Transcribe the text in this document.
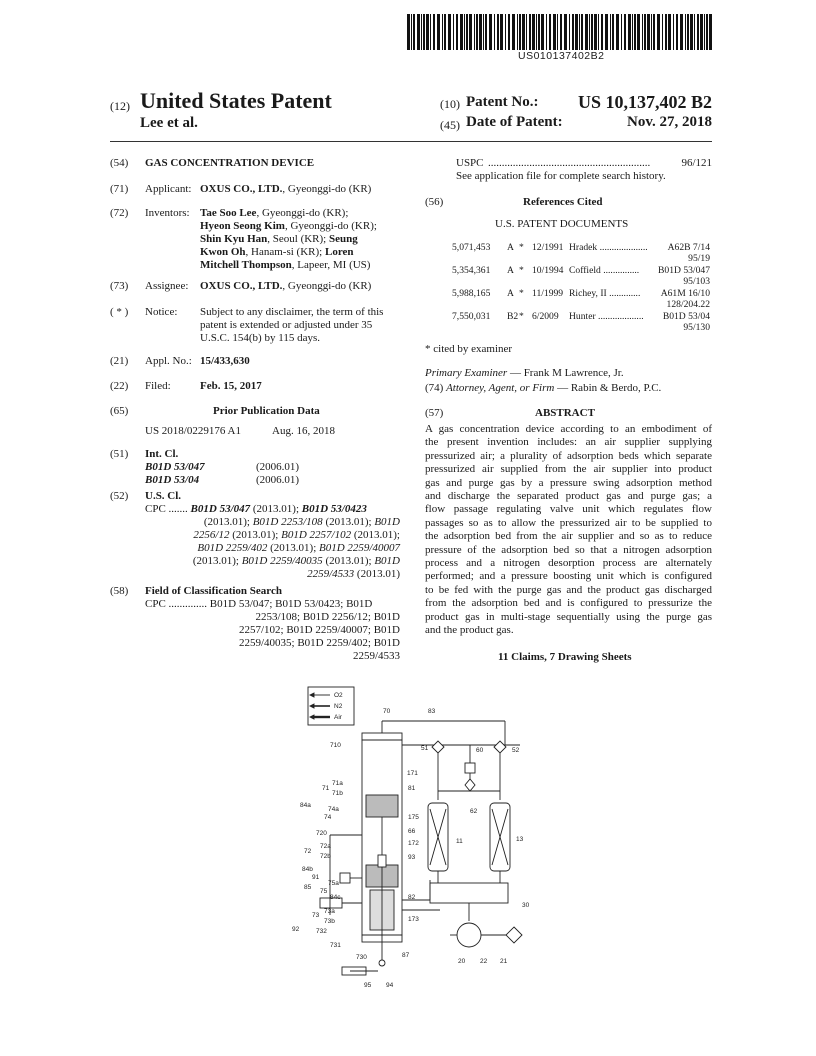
US010137402B2
(12) United States Patent
Lee et al.
(10) Patent No.: US 10,137,402 B2
(45) Date of Patent:	Nov. 27, 2018
(54) GAS CONCENTRATION DEVICE
(71) Applicant: OXUS CO., LTD., Gyeonggi-do (KR)
(72) Inventors: Tae Soo Lee, Gyeonggi-do (KR);
Hyeon Seong Kim, Gyeonggi-do (KR);
Shin Kyu Han, Seoul (KR); Seung
Kwon Oh, Hanam-si (KR); Loren
Mitchell Thompson, Lapeer, MI (US)
(73) Assignee: OXUS CO., LTD., Gyeonggi-do (KR)
( * ) Notice: Subject to any disclaimer, the term of this
patent is extended or adjusted under 35
U.S.C. 154(b) by 115 days.
(21) Appl. No.: 15/433,630
(22) Filed:	Feb. 15, 2017
(65)	Prior Publication Data
US 2018/0229176 A1	Aug. 16, 2018
(51) Int. Cl.
B01D 53/047	(2006.01)
B01D 53/04	(2006.01)
(52) U.S. Cl.
CPC ....... B01D 53/047 (2013.01); B01D 53/0423
(2013.01); B01D 2253/108 (2013.01); B01D
2256/12 (2013.01); B01D 2257/102 (2013.01);
B01D 2259/402 (2013.01); B01D 2259/40007
(2013.01); B01D 2259/40035 (2013.01); B01D
2259/4533 (2013.01)
(58) Field of Classification Search
CPC .............. B01D 53/047; B01D 53/0423; B01D
2253/108; B01D 2256/12; B01D
2257/102; B01D 2259/40007; B01D
2259/40035; B01D 2259/402; B01D
2259/4533
USPC ...........................................................	96/121
See application file for complete search history.
(56)	References Cited
U.S. PATENT DOCUMENTS
5,071,453 A * 12/1991 Hradek .................... A62B 7/14
95/19
5,354,361 A * 10/1994 Coffield ............... B01D 53/047
95/103
5,988,165 A * 11/1999 Richey, II ............. A61M 16/10
128/204.22
7,550,031 B2 * 6/2009 Hunter ................... B01D 53/04
95/130
* cited by examiner
Primary Examiner — Frank M Lawrence, Jr.
(74) Attorney, Agent, or Firm — Rabin & Berdo, P.C.
(57)	ABSTRACT
A gas concentration device according to an embodiment of
the present invention includes: an air supplier supplying
pressurized air; a plurality of adsorption beds which separate
pressurized air supplied from the air supplier into product
gas and purge gas by a pressure swing adsorption method
and discharge the separated product gas and purge gas; a
flow passage regulating valve unit which regulates flow
passages so as to allow the pressurized air to be supplied to
the adsorption bed from the air supplier and so as to reduce
pressure of the adsorption bed so that a nitrogen adsorption
process and a nitrogen desorption process are alternately
performed; and a pressure boosting unit which is configured
to be fed with the purge gas and the product gas discharged
from the adsorption bed and is configured to pressurize the
product gas in multi-stage sequentially using the purge gas
and the product gas.
11 Claims, 7 Drawing Sheets
O2
N2
Air
70	83
710	51	60	52
171
71
71a
71b
81
84a
74a
74	175
720	66
62
11	13
172
72
72a
72b	93
84b
91
85
75a
75
84c	82
30
73
73a
73b	173
92	732
731
730	87
20 22 21
95 94
